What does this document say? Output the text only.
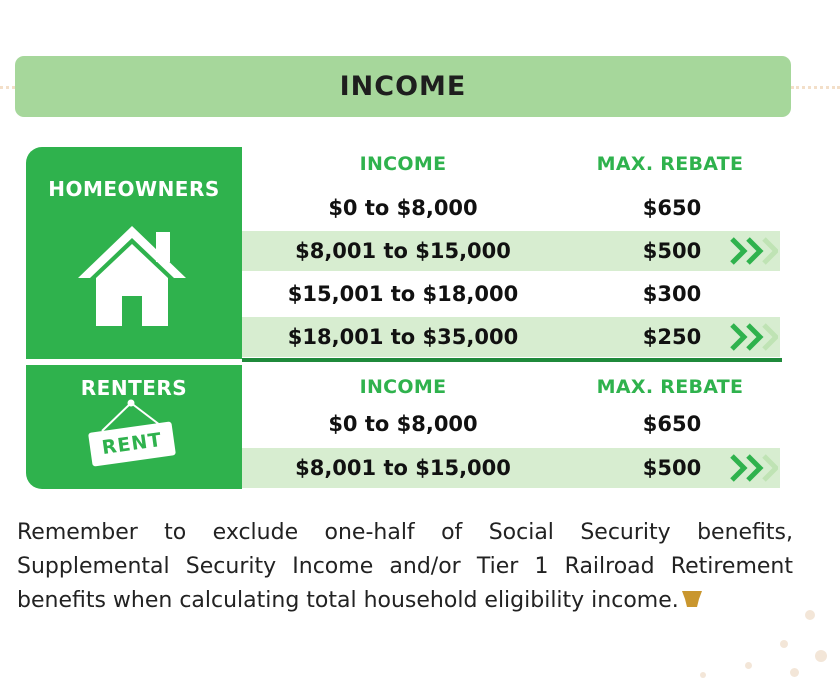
INCOME
HOMEOWNERS
RENTERS
RENT
INCOME	MAX. REBATE
$0 to $8,000	$650
$8,001 to $15,000	$500
$15,001 to $18,000	$300
$18,001 to $35,000	$250
INCOME	MAX. REBATE
$0 to $8,000	$650
$8,001 to $15,000	$500
Remember to exclude one-half of Social Security benefits, Supplemental Security Income and/or Tier 1 Railroad Retirement benefits when calculating total household eligibility income.
